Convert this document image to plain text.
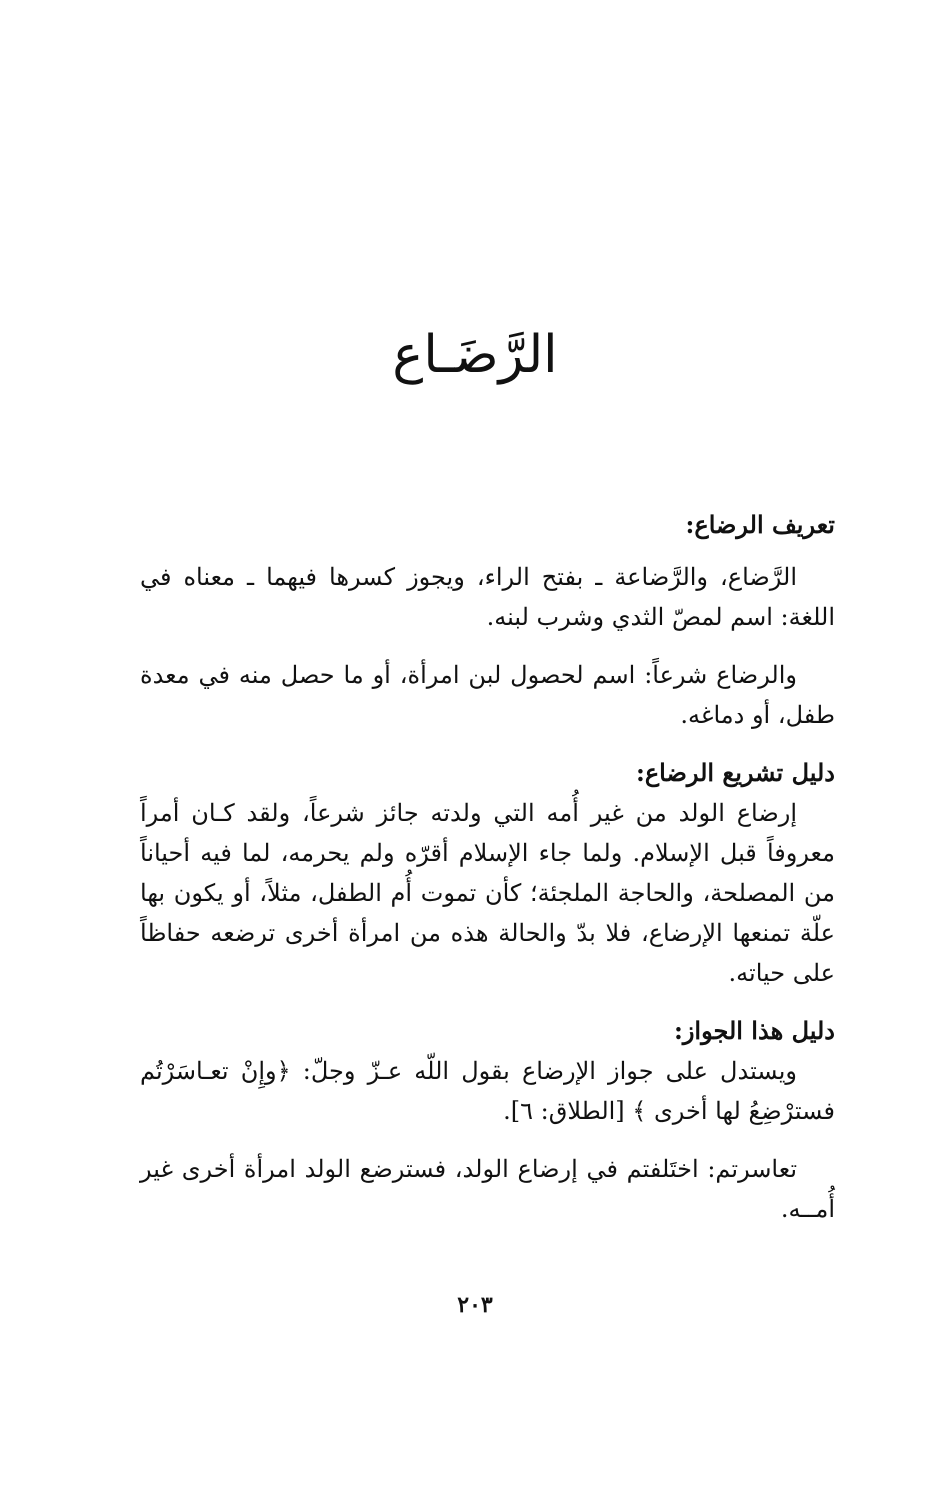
الرَّضَـاع
تعريف الرضاع:

الرَّضاع، والرَّضاعة ـ بفتح الراء، ويجوز كسرها فيهما ـ معناه في اللغة: اسم لمصّ الثدي وشرب لبنه.

والرضاع شرعاً: اسم لحصول لبن امرأة، أو ما حصل منه في معدة طفل، أو دماغه.

دليل تشريع الرضاع:

إرضاع الولد من غير أُمه التي ولدته جائز شرعاً، ولقد كـان أمراً معروفاً قبل الإسلام. ولما جاء الإسلام أقرّه ولم يحرمه، لما فيه أحياناً من المصلحة، والحاجة الملجئة؛ كأن تموت أُم الطفل، مثلاً، أو يكون بها علّة تمنعها الإرضاع، فلا بدّ والحالة هذه من امرأة أخرى ترضعه حفاظاً على حياته.

دليل هذا الجواز:

ويستدل على جواز الإرضاع بقول اللّه عـزّ وجلّ: ﴿وإِنْ تعـاسَرْتُم فسترْضِعُ لها أخرى ﴾ [الطلاق: ٦].

تعاسرتم: اختَلفتم في إرضاع الولد، فسترضع الولد امرأة أخرى غير أُمــه.

٢٠٣
